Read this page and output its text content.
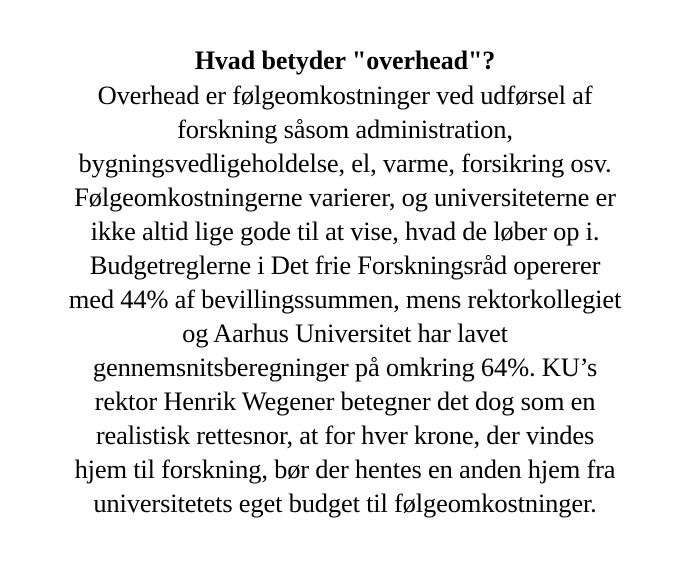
Hvad betyder "overhead"?
Overhead er følgeomkostninger ved udførsel af
forskning såsom administration,
bygningsvedligeholdelse, el, varme, forsikring osv.
Følgeomkostningerne varierer, og universiteterne er
ikke altid lige gode til at vise, hvad de løber op i.
Budgetreglerne i Det frie Forskningsråd opererer
med 44% af bevillingssummen, mens rektorkollegiet
og Aarhus Universitet har lavet
gennemsnitsberegninger på omkring 64%. KU’s
rektor Henrik Wegener betegner det dog som en
realistisk rettesnor, at for hver krone, der vindes
hjem til forskning, bør der hentes en anden hjem fra
universitetets eget budget til følgeomkostninger.
